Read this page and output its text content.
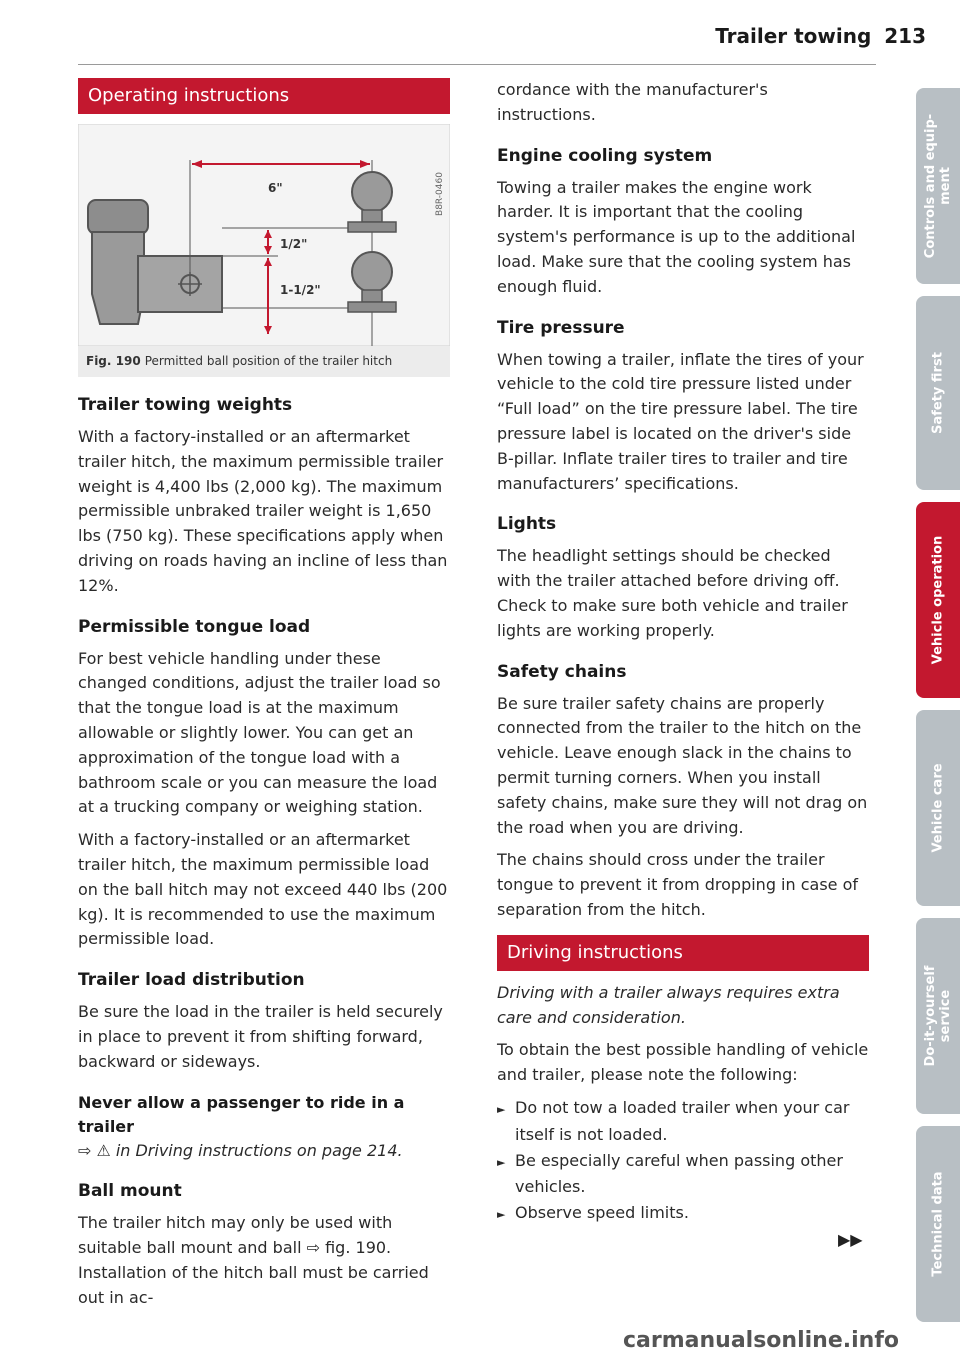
Trailer towing 213
Operating instructions
6"
1/2"
1-1/2"
B8R-0460
Fig. 190 Permitted ball position of the trailer hitch
Trailer towing weights

With a factory-installed or an aftermarket trailer hitch, the maximum permissible trailer weight is 4,400 lbs (2,000 kg). The maximum permissible unbraked trailer weight is 1,650 lbs (750 kg). These specifications apply when driving on roads having an incline of less than 12%.

Permissible tongue load

For best vehicle handling under these changed conditions, adjust the trailer load so that the tongue load is at the maximum allowable or slightly lower. You can get an approximation of the tongue load with a bathroom scale or you can measure the load at a trucking company or weighing station.

With a factory-installed or an aftermarket trailer hitch, the maximum permissible load on the ball hitch may not exceed 440 lbs (200 kg). It is recommended to use the maximum permissible load.

Trailer load distribution

Be sure the load in the trailer is held securely in place to prevent it from shifting forward, backward or sideways.

Never allow a passenger to ride in a trailer

⇨ ⚠ in Driving instructions on page 214.

Ball mount

The trailer hitch may only be used with suitable ball mount and ball ⇨ fig. 190. Installation of the hitch ball must be carried out in ac-

cordance with the manufacturer's instructions.

Engine cooling system

Towing a trailer makes the engine work harder. It is important that the cooling system's performance is up to the additional load. Make sure that the cooling system has enough fluid.

Tire pressure

When towing a trailer, inflate the tires of your vehicle to the cold tire pressure listed under “Full load” on the tire pressure label. The tire pressure label is located on the driver's side B-pillar. Inflate trailer tires to trailer and tire manufacturers’ specifications.

Lights

The headlight settings should be checked with the trailer attached before driving off. Check to make sure both vehicle and trailer lights are working properly.

Safety chains

Be sure trailer safety chains are properly connected from the trailer to the hitch on the vehicle. Leave enough slack in the chains to permit turning corners. When you install safety chains, make sure they will not drag on the road when you are driving.

The chains should cross under the trailer tongue to prevent it from dropping in case of separation from the hitch.

Driving instructions

Driving with a trailer always requires extra care and consideration.

To obtain the best possible handling of vehicle and trailer, please note the following:

► Do not tow a loaded trailer when your car itself is not loaded.
► Be especially careful when passing other vehicles.
► Observe speed limits.
▶▶
Controls and equip-
ment
Safety first
Vehicle operation
Vehicle care
Do-it-yourself
service
Technical data
carmanualsonline.info
